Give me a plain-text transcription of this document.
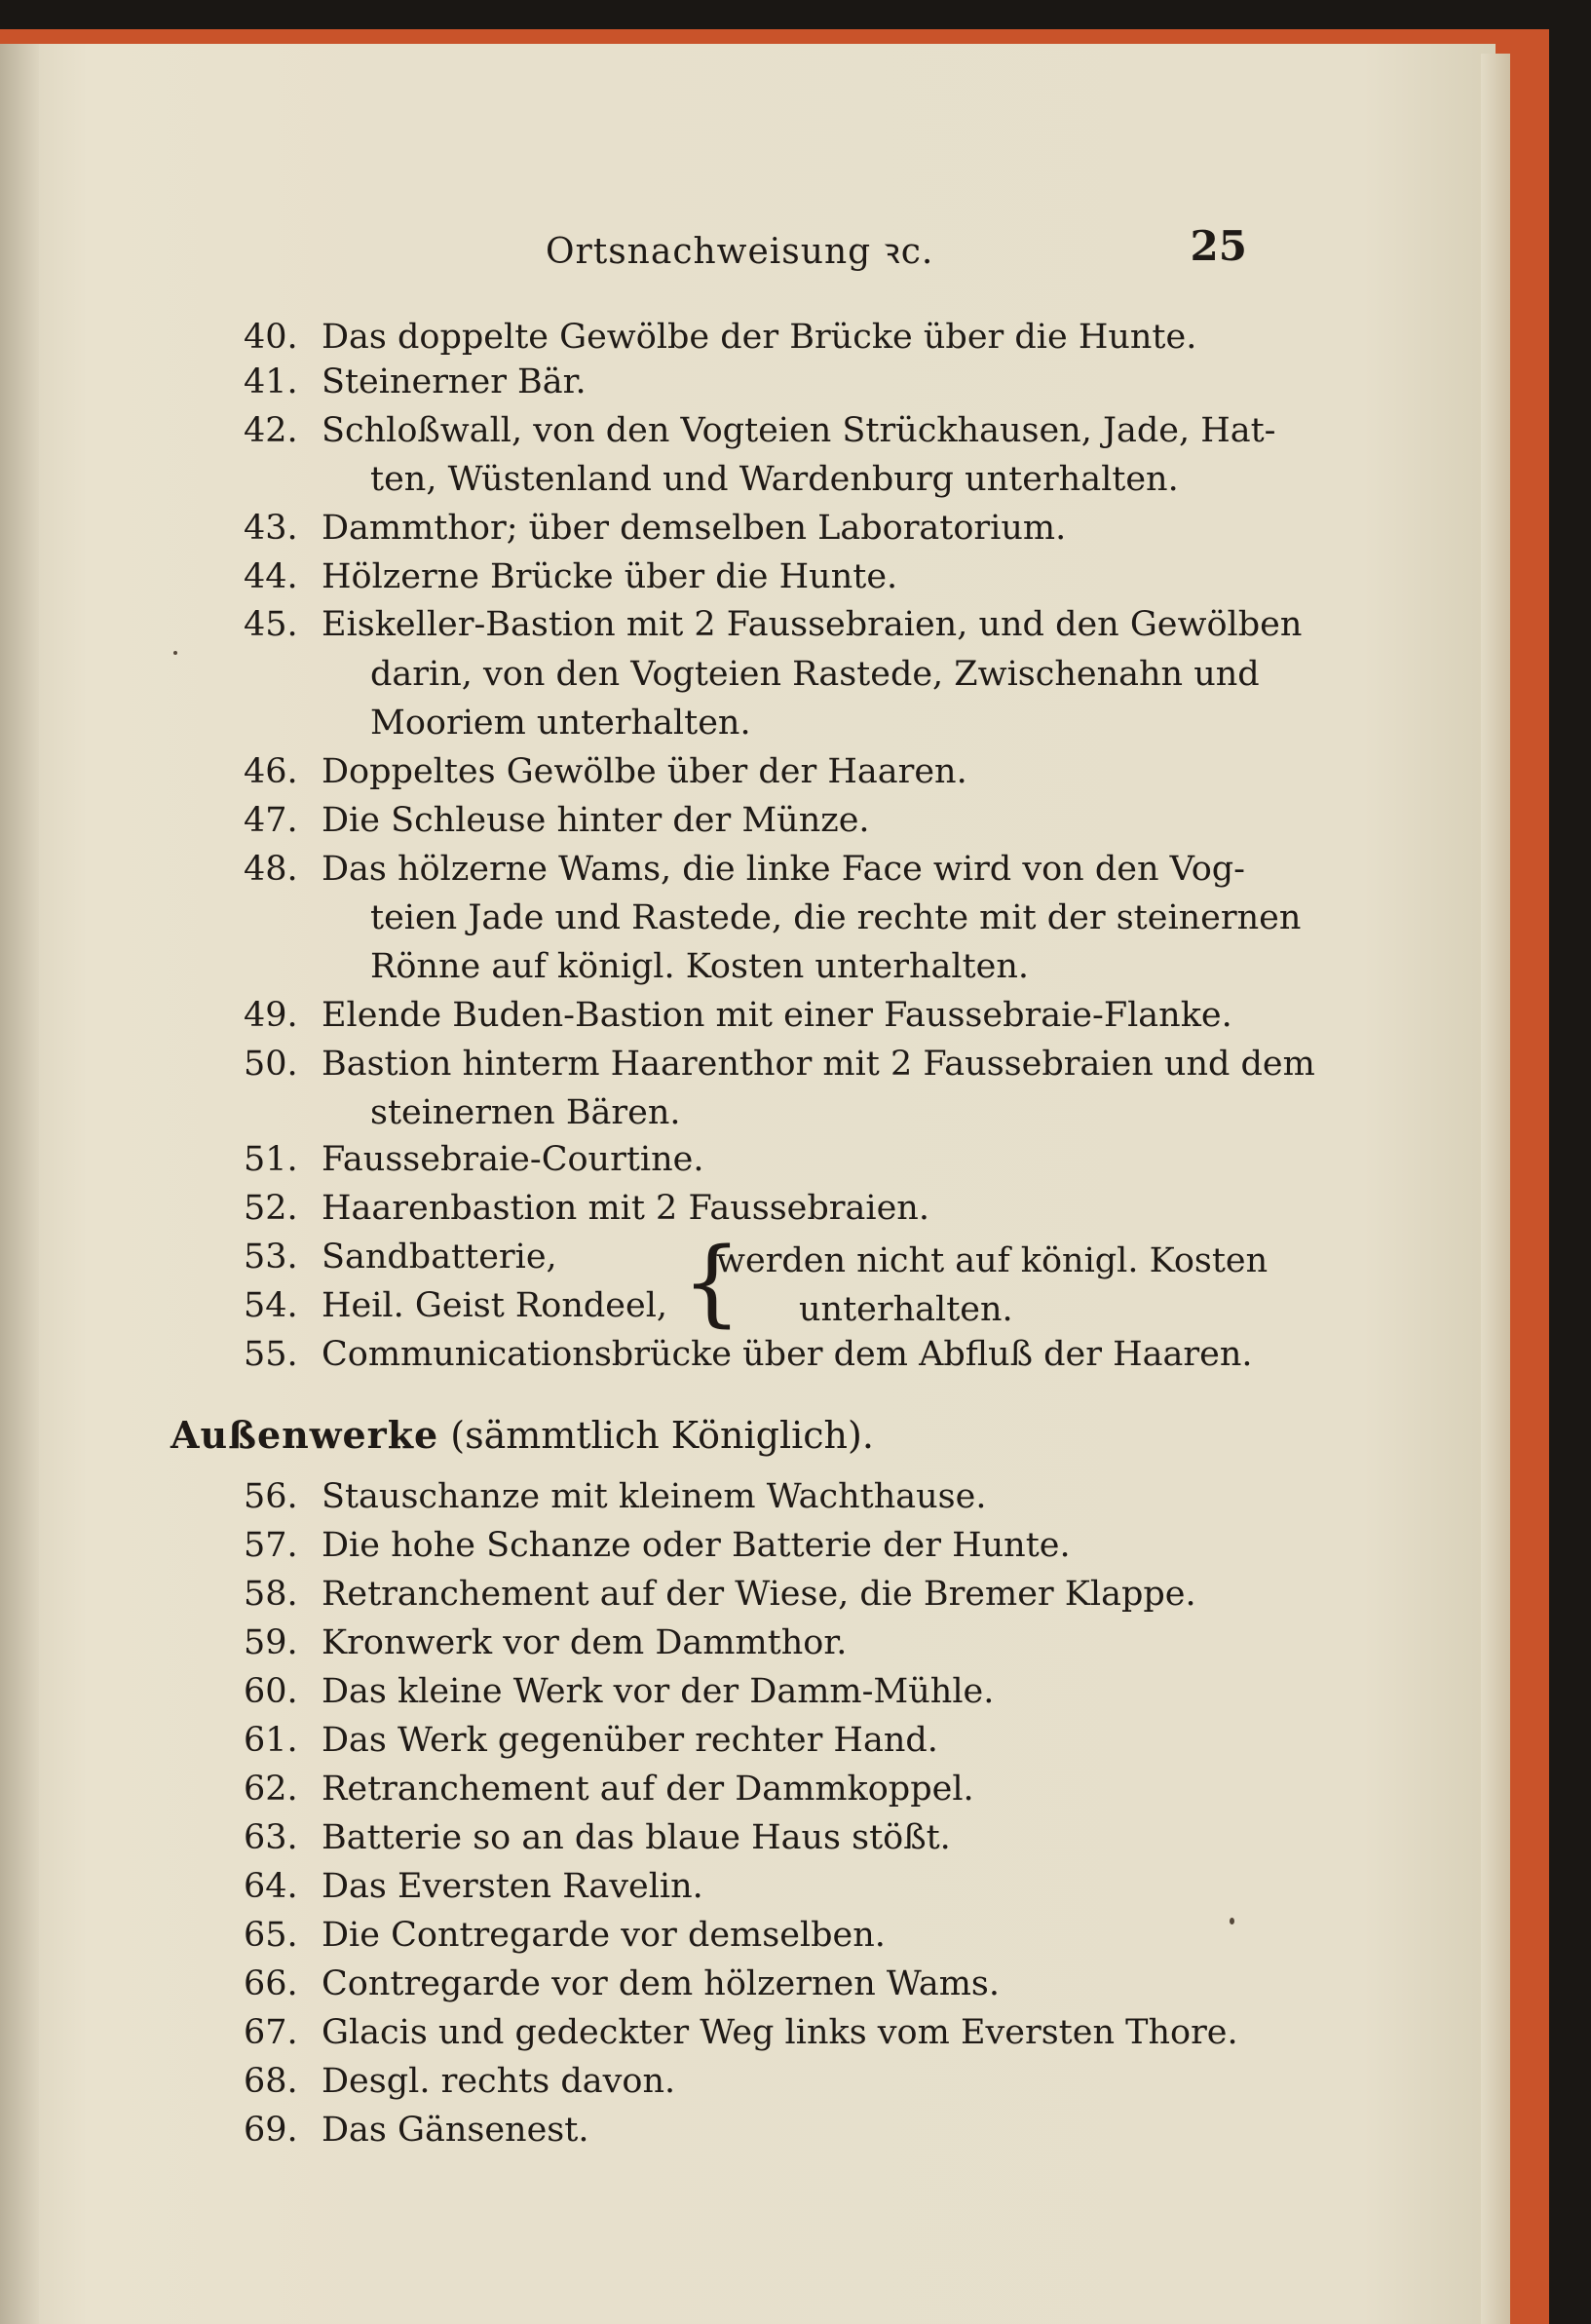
Ortsnachweisung ꝛc.	25
40. Das doppelte Gewölbe der Brücke über die Hunte.
41. Steinerner Bär.
42. Schloßwall, von den Vogteien Strückhausen, Jade, Hat-
ten, Wüstenland und Wardenburg unterhalten.
43. Dammthor; über demselben Laboratorium.
44. Hölzerne Brücke über die Hunte.
45. Eiskeller-Bastion mit 2 Faussebraien, und den Gewölben
darin, von den Vogteien Rastede, Zwischenahn und
Mooriem unterhalten.
46. Doppeltes Gewölbe über der Haaren.
47. Die Schleuse hinter der Münze.
48. Das hölzerne Wams, die linke Face wird von den Vog-
teien Jade und Rastede, die rechte mit der steinernen
Rönne auf königl. Kosten unterhalten.
49. Elende Buden-Bastion mit einer Faussebraie-Flanke.
50. Bastion hinterm Haarenthor mit 2 Faussebraien und dem
steinernen Bären.
51. Faussebraie-Courtine.
52. Haarenbastion mit 2 Faussebraien.
53. Sandbatterie,
54. Heil. Geist Rondeel, {
werden nicht auf königl. Kosten
unterhalten.
55. Communicationsbrücke über dem Abfluß der Haaren.
Außenwerke (sämmtlich Königlich).
56. Stauschanze mit kleinem Wachthause.
57. Die hohe Schanze oder Batterie der Hunte.
58. Retranchement auf der Wiese, die Bremer Klappe.
59. Kronwerk vor dem Dammthor.
60. Das kleine Werk vor der Damm-Mühle.
61. Das Werk gegenüber rechter Hand.
62. Retranchement auf der Dammkoppel.
63. Batterie so an das blaue Haus stößt.
64. Das Eversten Ravelin.
65. Die Contregarde vor demselben.
66. Contregarde vor dem hölzernen Wams.
67. Glacis und gedeckter Weg links vom Eversten Thore.
68. Desgl. rechts davon.
69. Das Gänsenest.
